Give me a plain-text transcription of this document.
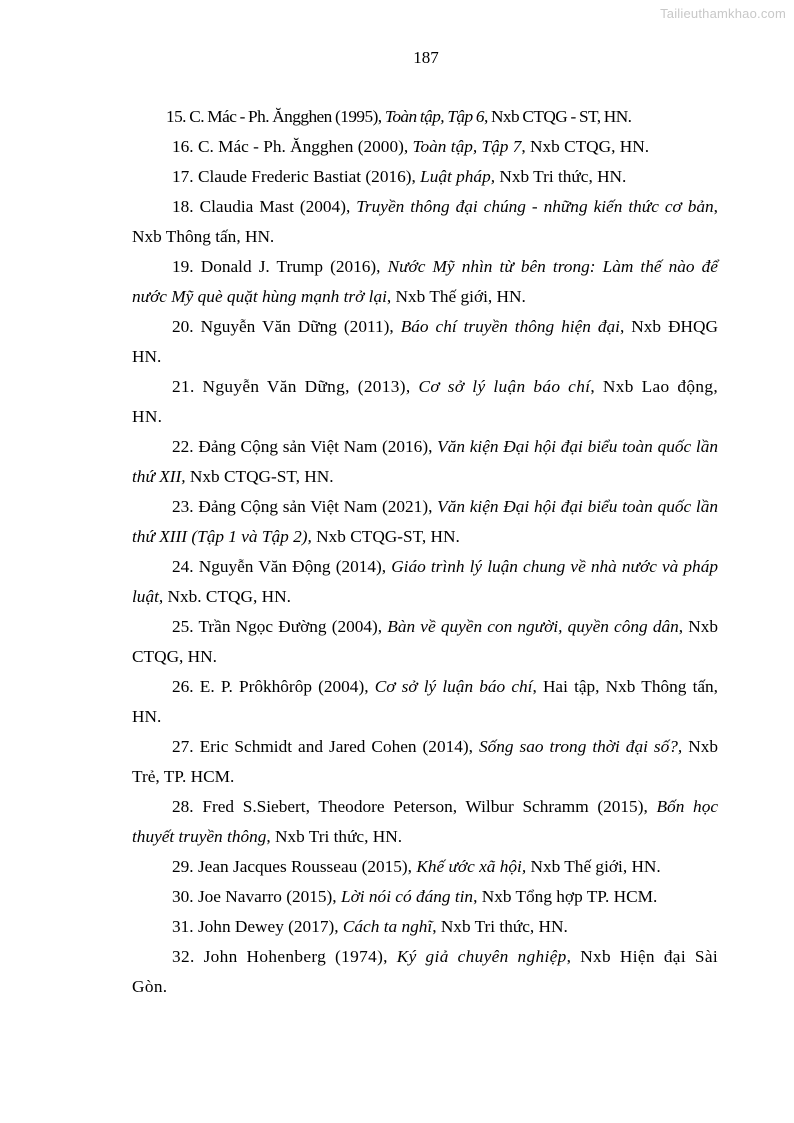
Tailieuthamkhao.com
187

15. C. Mác - Ph. Ăngghen (1995), Toàn tập, Tập 6, Nxb CTQG - ST, HN.

16. C. Mác - Ph. Ăngghen (2000), Toàn tập, Tập 7, Nxb CTQG, HN.

17. Claude Frederic Bastiat (2016), Luật pháp, Nxb Tri thức, HN.

18. Claudia Mast (2004), Truyền thông đại chúng - những kiến thức cơ bản, Nxb Thông tấn, HN.

19. Donald J. Trump (2016), Nước Mỹ nhìn từ bên trong: Làm thế nào để nước Mỹ què quặt hùng mạnh trở lại, Nxb Thế giới, HN.

20. Nguyễn Văn Dững (2011), Báo chí truyền thông hiện đại, Nxb ĐHQG HN.

21. Nguyễn Văn Dững, (2013), Cơ sở lý luận báo chí, Nxb Lao động, HN.

22. Đảng Cộng sản Việt Nam (2016), Văn kiện Đại hội đại biểu toàn quốc lần thứ XII, Nxb CTQG-ST, HN.

23. Đảng Cộng sản Việt Nam (2021), Văn kiện Đại hội đại biểu toàn quốc lần thứ XIII (Tập 1 và Tập 2), Nxb CTQG-ST, HN.

24. Nguyễn Văn Động (2014), Giáo trình lý luận chung về nhà nước và pháp luật, Nxb. CTQG, HN.

25. Trần Ngọc Đường (2004), Bàn về quyền con người, quyền công dân, Nxb CTQG, HN.

26. E. P. Prôkhôrôp (2004), Cơ sở lý luận báo chí, Hai tập, Nxb Thông tấn, HN.

27. Eric Schmidt and Jared Cohen (2014), Sống sao trong thời đại số?, Nxb Trẻ, TP. HCM.

28. Fred S.Siebert, Theodore Peterson, Wilbur Schramm (2015), Bốn học thuyết truyền thông, Nxb Tri thức, HN.

29. Jean Jacques Rousseau (2015), Khế ước xã hội, Nxb Thế giới, HN.

30. Joe Navarro (2015), Lời nói có đáng tin, Nxb Tổng hợp TP. HCM.

31. John Dewey (2017), Cách ta nghĩ, Nxb Tri thức, HN.

32. John Hohenberg (1974), Ký giả chuyên nghiệp, Nxb Hiện đại Sài Gòn.
